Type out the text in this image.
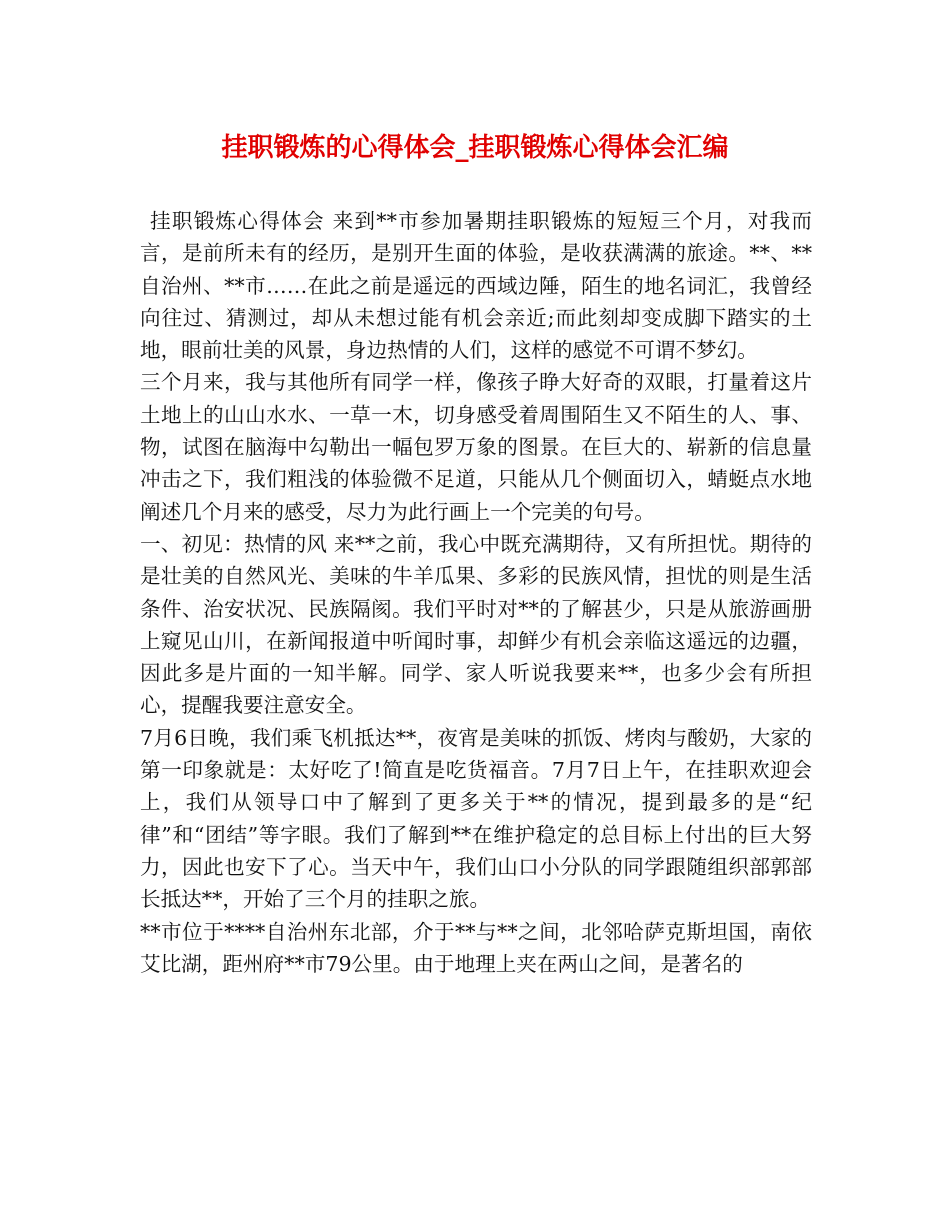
挂职锻炼的心得体会_挂职锻炼心得体会汇编

挂职锻炼心得体会 来到**市参加暑期挂职锻炼的短短三个月，对我而言，是前所未有的经历，是别开生面的体验，是收获满满的旅途。**、**自治州、**市……在此之前是遥远的西域边陲，陌生的地名词汇，我曾经向往过、猜测过，却从未想过能有机会亲近;而此刻却变成脚下踏实的土地，眼前壮美的风景，身边热情的人们，这样的感觉不可谓不梦幻。

三个月来，我与其他所有同学一样，像孩子睁大好奇的双眼，打量着这片土地上的山山水水、一草一木，切身感受着周围陌生又不陌生的人、事、物，试图在脑海中勾勒出一幅包罗万象的图景。在巨大的、崭新的信息量冲击之下，我们粗浅的体验微不足道，只能从几个侧面切入，蜻蜓点水地阐述几个月来的感受，尽力为此行画上一个完美的句号。

一、初见：热情的风 来**之前，我心中既充满期待，又有所担忧。期待的是壮美的自然风光、美味的牛羊瓜果、多彩的民族风情，担忧的则是生活条件、治安状况、民族隔阂。我们平时对**的了解甚少，只是从旅游画册上窥见山川，在新闻报道中听闻时事，却鲜少有机会亲临这遥远的边疆，因此多是片面的一知半解。同学、家人听说我要来**，也多少会有所担心，提醒我要注意安全。

7月6日晚，我们乘飞机抵达**，夜宵是美味的抓饭、烤肉与酸奶，大家的第一印象就是：太好吃了!简直是吃货福音。7月7日上午，在挂职欢迎会上，我们从领导口中了解到了更多关于**的情况，提到最多的是“纪律”和“团结”等字眼。我们了解到**在维护稳定的总目标上付出的巨大努力，因此也安下了心。当天中午，我们山口小分队的同学跟随组织部郭部长抵达**，开始了三个月的挂职之旅。

**市位于****自治州东北部，介于**与**之间，北邻哈萨克斯坦国，南依艾比湖，距州府**市79公里。由于地理上夹在两山之间，是著名的
